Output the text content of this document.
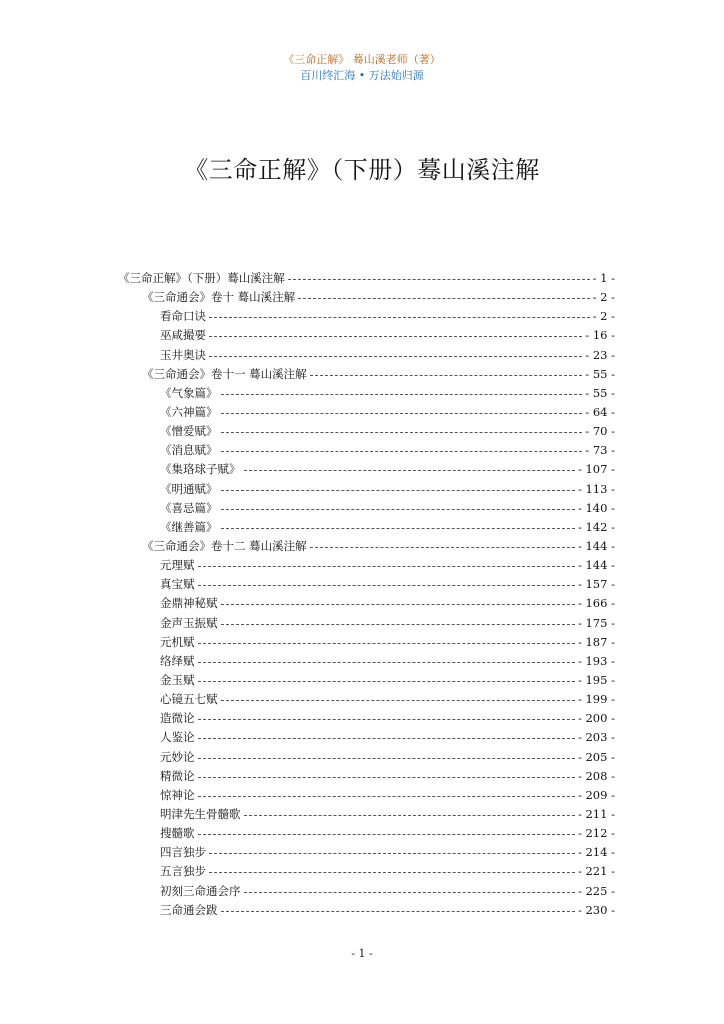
《三命正解》 蓦山溪老师（著）
百川终汇海 • 万法始归源
《三命正解》（下册）蓦山溪注解
《三命正解》（下册）蓦山溪注解	- 1 -
《三命通会》卷十 蓦山溪注解	- 2 -
看命口诀	- 2 -
巫咸撮要	- 16 -
玉井奥诀	- 23 -
《三命通会》卷十一 蓦山溪注解	- 55 -
《气象篇》	- 55 -
《六神篇》	- 64 -
《憎爱赋》	- 70 -
《消息赋》	- 73 -
《集珞球子赋》	- 107 -
《明通赋》	- 113 -
《喜忌篇》	- 140 -
《继善篇》	- 142 -
《三命通会》卷十二 蓦山溪注解	- 144 -
元理赋	- 144 -
真宝赋	- 157 -
金鼎神秘赋	- 166 -
金声玉振赋	- 175 -
元机赋	- 187 -
络绎赋	- 193 -
金玉赋	- 195 -
心镜五七赋	- 199 -
造微论	- 200 -
人鉴论	- 203 -
元妙论	- 205 -
精微论	- 208 -
惊神论	- 209 -
明津先生骨髓歌	- 211 -
搜髓歌	- 212 -
四言独步	- 214 -
五言独步	- 221 -
初刻三命通会序	- 225 -
三命通会跋	- 230 -
- 1 -
